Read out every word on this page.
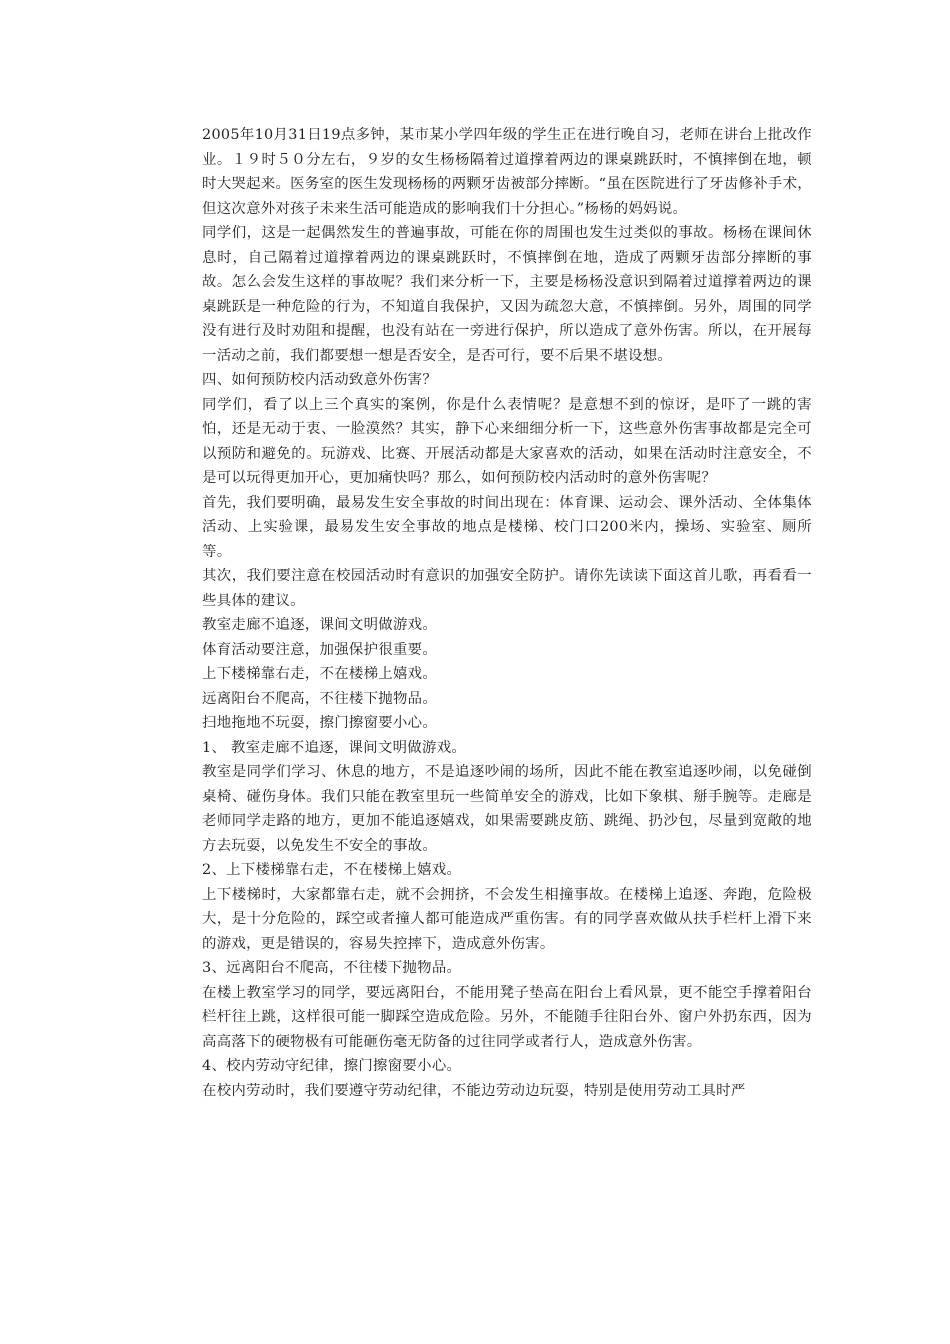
2005年10月31日19点多钟，某市某小学四年级的学生正在进行晚自习，老师在讲台上批改作业。１９时５０分左右，９岁的女生杨杨隔着过道撑着两边的课桌跳跃时，不慎摔倒在地，顿时大哭起来。医务室的医生发现杨杨的两颗牙齿被部分摔断。“虽在医院进行了牙齿修补手术，但这次意外对孩子未来生活可能造成的影响我们十分担心。”杨杨的妈妈说。

同学们，这是一起偶然发生的普遍事故，可能在你的周围也发生过类似的事故。杨杨在课间休息时，自己隔着过道撑着两边的课桌跳跃时，不慎摔倒在地，造成了两颗牙齿部分摔断的事故。怎么会发生这样的事故呢？我们来分析一下，主要是杨杨没意识到隔着过道撑着两边的课桌跳跃是一种危险的行为，不知道自我保护，又因为疏忽大意，不慎摔倒。另外，周围的同学没有进行及时劝阻和提醒，也没有站在一旁进行保护，所以造成了意外伤害。所以，在开展每一活动之前，我们都要想一想是否安全，是否可行，要不后果不堪设想。

四、如何预防校内活动致意外伤害？

同学们，看了以上三个真实的案例，你是什么表情呢？是意想不到的惊讶，是吓了一跳的害怕，还是无动于衷、一脸漠然？其实，静下心来细细分析一下，这些意外伤害事故都是完全可以预防和避免的。玩游戏、比赛、开展活动都是大家喜欢的活动，如果在活动时注意安全，不是可以玩得更加开心，更加痛快吗？那么，如何预防校内活动时的意外伤害呢？

首先，我们要明确，最易发生安全事故的时间出现在：体育课、运动会、课外活动、全体集体活动、上实验课，最易发生安全事故的地点是楼梯、校门口200米内，操场、实验室、厕所等。

其次，我们要注意在校园活动时有意识的加强安全防护。请你先读读下面这首儿歌，再看看一些具体的建议。

教室走廊不追逐，课间文明做游戏。

体育活动要注意，加强保护很重要。

上下楼梯靠右走，不在楼梯上嬉戏。

远离阳台不爬高，不往楼下抛物品。

扫地拖地不玩耍，擦门擦窗要小心。

1、 教室走廊不追逐，课间文明做游戏。

教室是同学们学习、休息的地方，不是追逐吵闹的场所，因此不能在教室追逐吵闹，以免碰倒桌椅、碰伤身体。我们只能在教室里玩一些简单安全的游戏，比如下象棋、掰手腕等。走廊是老师同学走路的地方，更加不能追逐嬉戏，如果需要跳皮筋、跳绳、扔沙包，尽量到宽敞的地方去玩耍，以免发生不安全的事故。

2、上下楼梯靠右走，不在楼梯上嬉戏。

上下楼梯时，大家都靠右走，就不会拥挤，不会发生相撞事故。在楼梯上追逐、奔跑，危险极大，是十分危险的，踩空或者撞人都可能造成严重伤害。有的同学喜欢做从扶手栏杆上滑下来的游戏，更是错误的，容易失控摔下，造成意外伤害。

3、远离阳台不爬高，不往楼下抛物品。

在楼上教室学习的同学，要远离阳台，不能用凳子垫高在阳台上看风景，更不能空手撑着阳台栏杆往上跳，这样很可能一脚踩空造成危险。另外，不能随手往阳台外、窗户外扔东西，因为高高落下的硬物极有可能砸伤毫无防备的过往同学或者行人，造成意外伤害。

4、校内劳动守纪律，擦门擦窗要小心。

在校内劳动时，我们要遵守劳动纪律，不能边劳动边玩耍，特别是使用劳动工具时严
